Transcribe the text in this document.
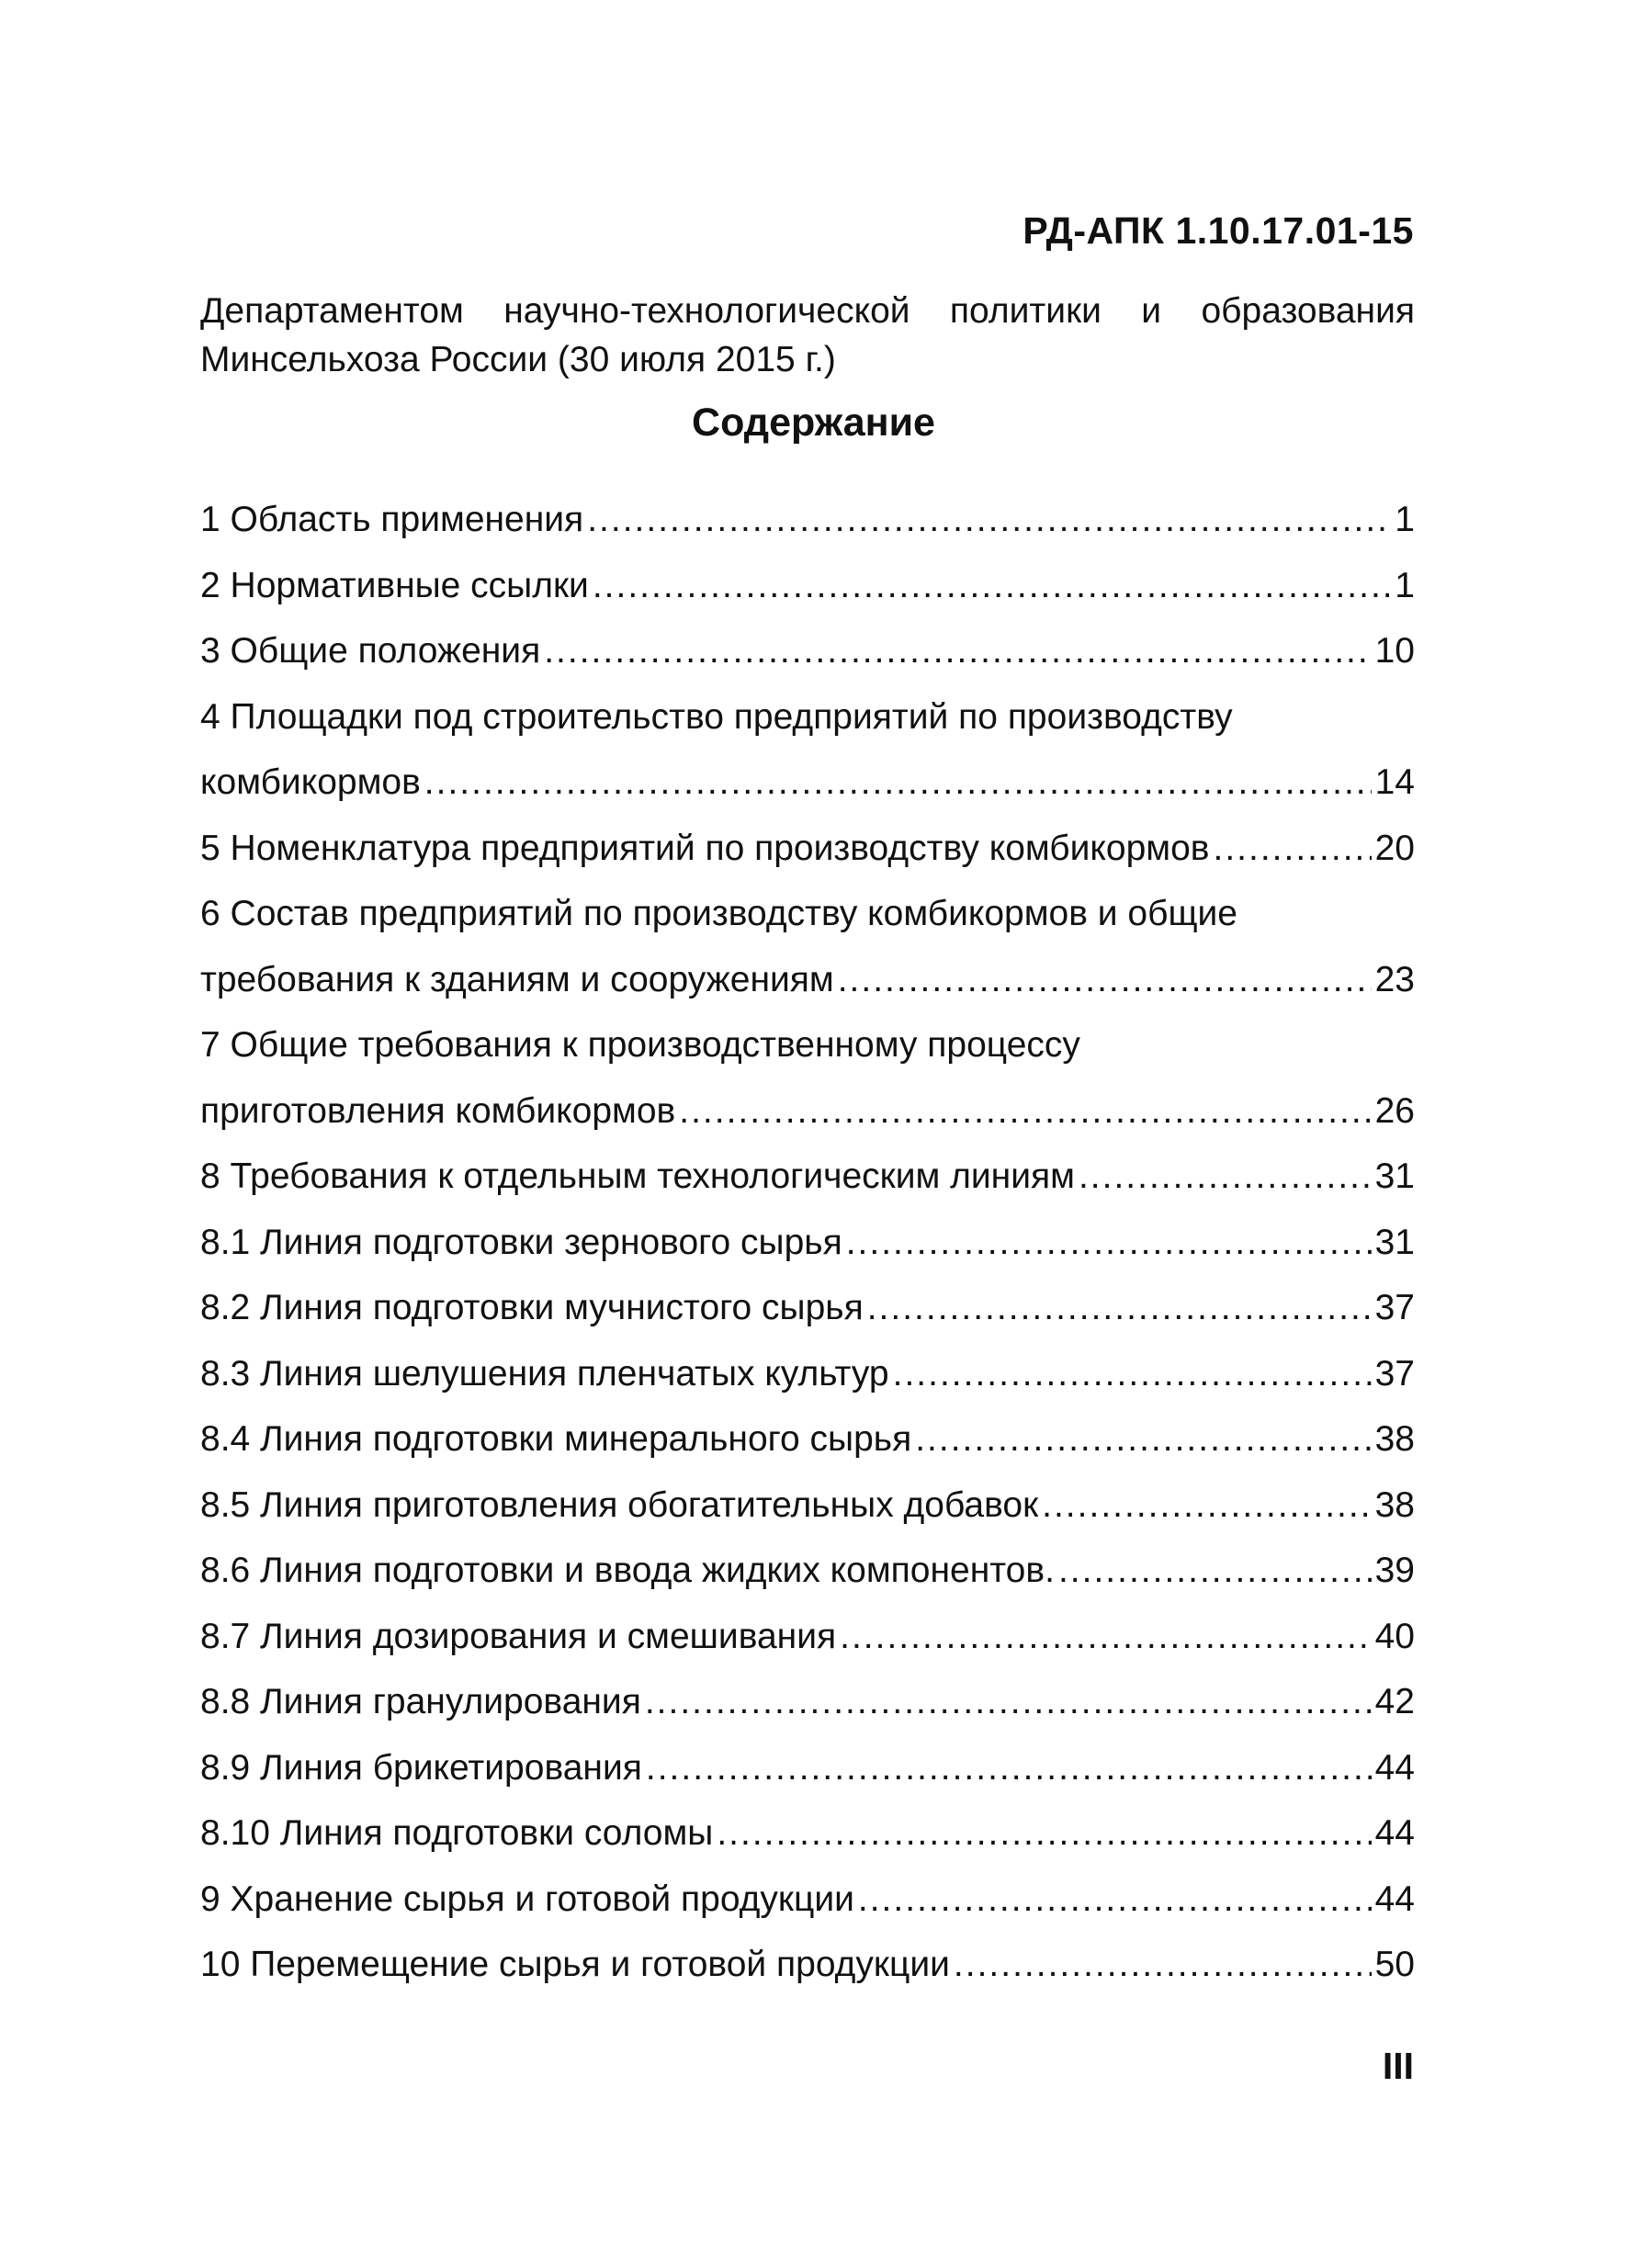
РД-АПК 1.10.17.01-15
Департаментом научно-технологической политики и образования
Минсельхоза России (30 июля 2015 г.)
Содержание
1 Область применения .....	1
2 Нормативные ссылки .....	1
3 Общие положения .....	10
4 Площадки под строительство предприятий по производству
комбикормов .....	14
5 Номенклатура предприятий по производству комбикормов .....	20
6 Состав предприятий по производству комбикормов и общие
требования к зданиям и сооружениям .....	23
7 Общие требования к производственному процессу
приготовления комбикормов .....	26
8 Требования к отдельным технологическим линиям .....	31
8.1 Линия подготовки зернового сырья .....	31
8.2 Линия подготовки мучнистого сырья .....	37
8.3 Линия шелушения пленчатых культур .....	37
8.4 Линия подготовки минерального сырья .....	38
8.5 Линия приготовления обогатительных добавок .....	38
8.6 Линия подготовки и ввода жидких компонентов. .....	39
8.7 Линия дозирования и смешивания .....	40
8.8 Линия гранулирования .....	42
8.9 Линия брикетирования .....	44
8.10 Линия подготовки соломы .....	44
9 Хранение сырья и готовой продукции .....	44
10 Перемещение сырья и готовой продукции .....	50
III
